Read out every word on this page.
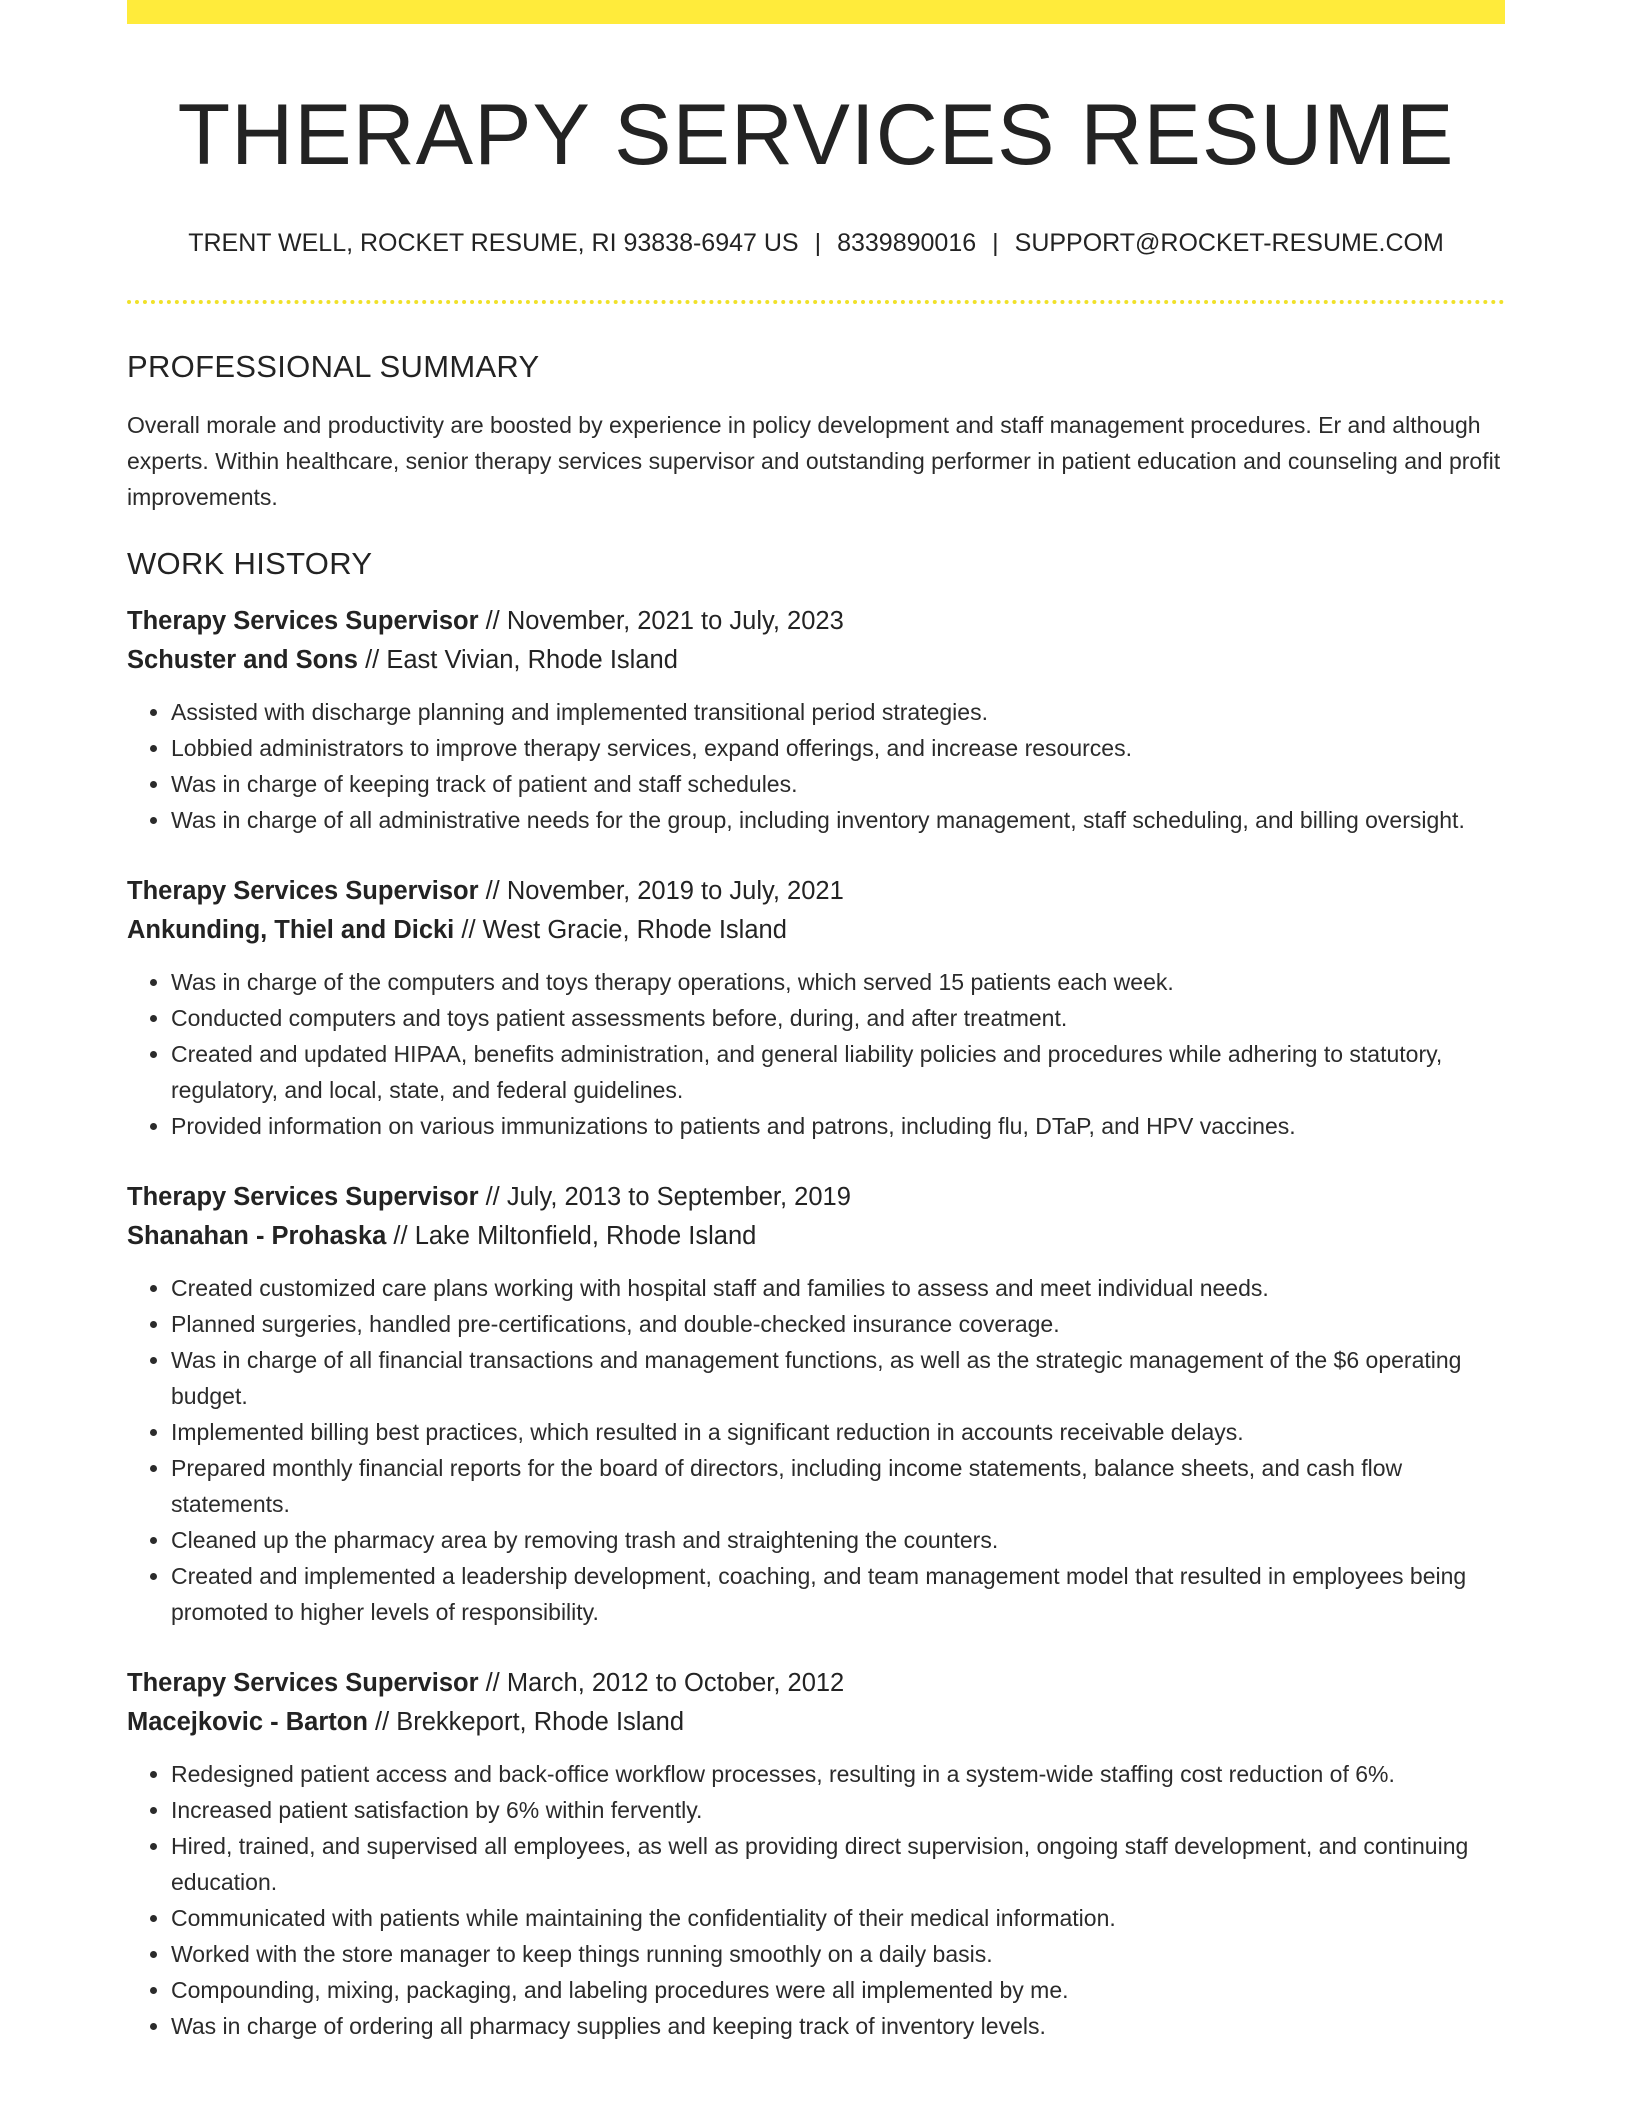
THERAPY SERVICES RESUME
TRENT WELL, ROCKET RESUME, RI 93838-6947 US | 8339890016 | SUPPORT@ROCKET-RESUME.COM
PROFESSIONAL SUMMARY

Overall morale and productivity are boosted by experience in policy development and staff management procedures. Er and although experts. Within healthcare, senior therapy services supervisor and outstanding performer in patient education and counseling and profit improvements.

WORK HISTORY
Therapy Services Supervisor // November, 2021 to July, 2023
Schuster and Sons // East Vivian, Rhode Island
• Assisted with discharge planning and implemented transitional period strategies.
• Lobbied administrators to improve therapy services, expand offerings, and increase resources.
• Was in charge of keeping track of patient and staff schedules.
• Was in charge of all administrative needs for the group, including inventory management, staff scheduling, and billing oversight.
Therapy Services Supervisor // November, 2019 to July, 2021
Ankunding, Thiel and Dicki // West Gracie, Rhode Island
• Was in charge of the computers and toys therapy operations, which served 15 patients each week.
• Conducted computers and toys patient assessments before, during, and after treatment.
• Created and updated HIPAA, benefits administration, and general liability policies and procedures while adhering to statutory, regulatory, and local, state, and federal guidelines.
• Provided information on various immunizations to patients and patrons, including flu, DTaP, and HPV vaccines.
Therapy Services Supervisor // July, 2013 to September, 2019
Shanahan - Prohaska // Lake Miltonfield, Rhode Island
• Created customized care plans working with hospital staff and families to assess and meet individual needs.
• Planned surgeries, handled pre-certifications, and double-checked insurance coverage.
• Was in charge of all financial transactions and management functions, as well as the strategic management of the $6 operating budget.
• Implemented billing best practices, which resulted in a significant reduction in accounts receivable delays.
• Prepared monthly financial reports for the board of directors, including income statements, balance sheets, and cash flow statements.
• Cleaned up the pharmacy area by removing trash and straightening the counters.
• Created and implemented a leadership development, coaching, and team management model that resulted in employees being promoted to higher levels of responsibility.
Therapy Services Supervisor // March, 2012 to October, 2012
Macejkovic - Barton // Brekkeport, Rhode Island
• Redesigned patient access and back-office workflow processes, resulting in a system-wide staffing cost reduction of 6%.
• Increased patient satisfaction by 6% within fervently.
• Hired, trained, and supervised all employees, as well as providing direct supervision, ongoing staff development, and continuing education.
• Communicated with patients while maintaining the confidentiality of their medical information.
• Worked with the store manager to keep things running smoothly on a daily basis.
• Compounding, mixing, packaging, and labeling procedures were all implemented by me.
• Was in charge of ordering all pharmacy supplies and keeping track of inventory levels.
